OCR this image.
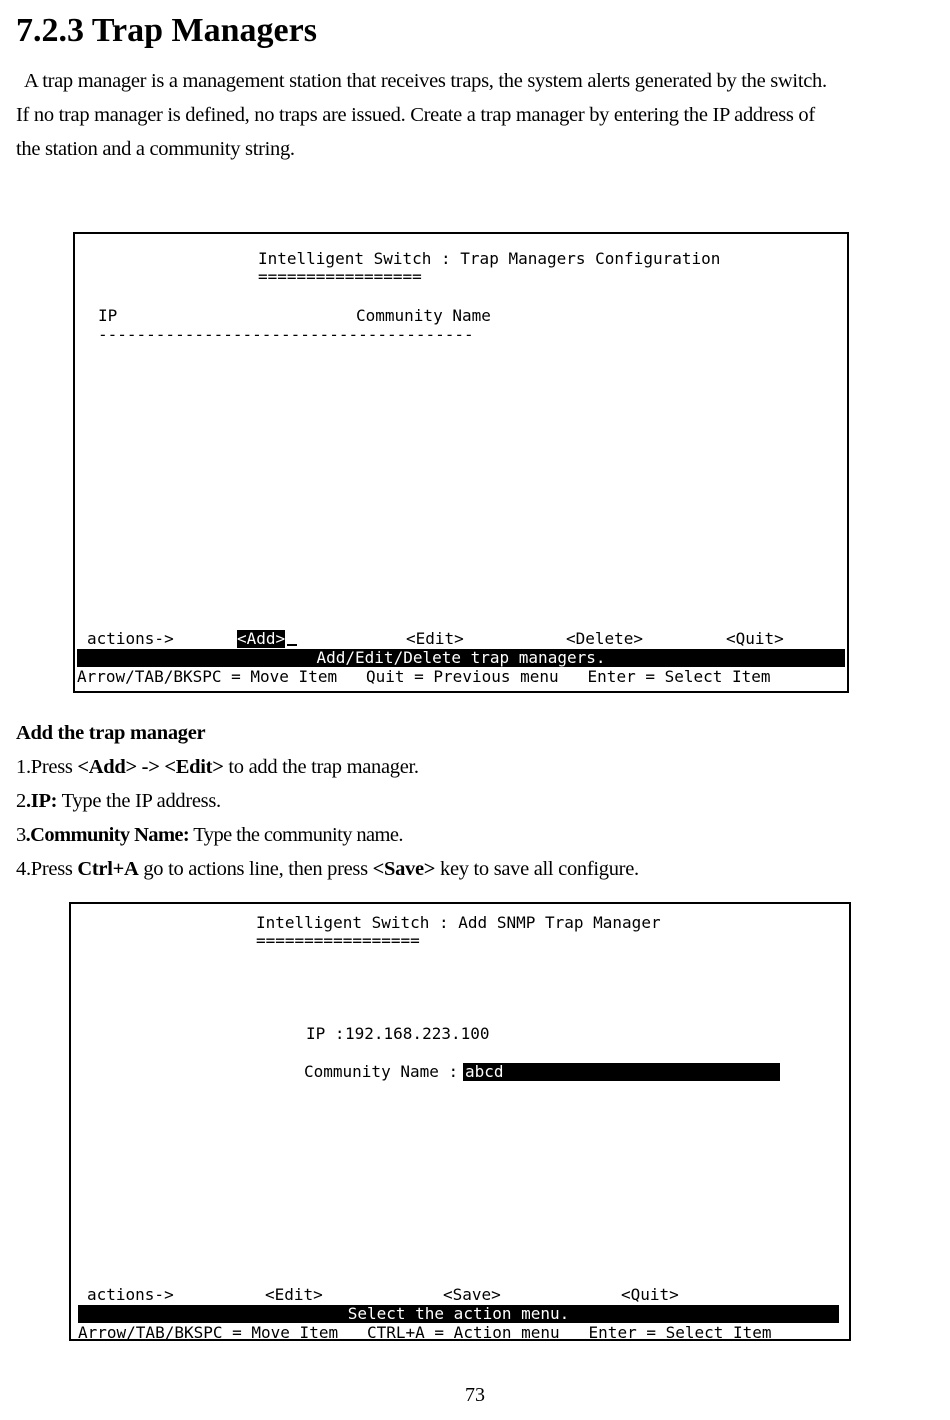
7.2.3 Trap Managers
A trap manager is a management station that receives traps, the system alerts generated by the switch.
If no trap manager is defined, no traps are issued. Create a trap manager by entering the IP address of
the station and a community string.
Intelligent Switch : Trap Managers Configuration
=================
IP	Community Name
---------------------------------------
actions->	<Add>	<Edit>	<Delete>	<Quit>
Add/Edit/Delete trap managers.
Arrow/TAB/BKSPC = Move Item   Quit = Previous menu   Enter = Select Item
Add the trap manager
1.Press <Add> -> <Edit> to add the trap manager.
2.IP: Type the IP address.
3.Community Name: Type the community name.
4.Press Ctrl+A go to actions line, then press <Save> key to save all configure.
Intelligent Switch : Add SNMP Trap Manager
=================
IP : 192.168.223.100
Community Name : abcd
actions->	<Edit>	<Save>	<Quit>
Select the action menu.
Arrow/TAB/BKSPC = Move Item   CTRL+A = Action menu   Enter = Select Item
73
